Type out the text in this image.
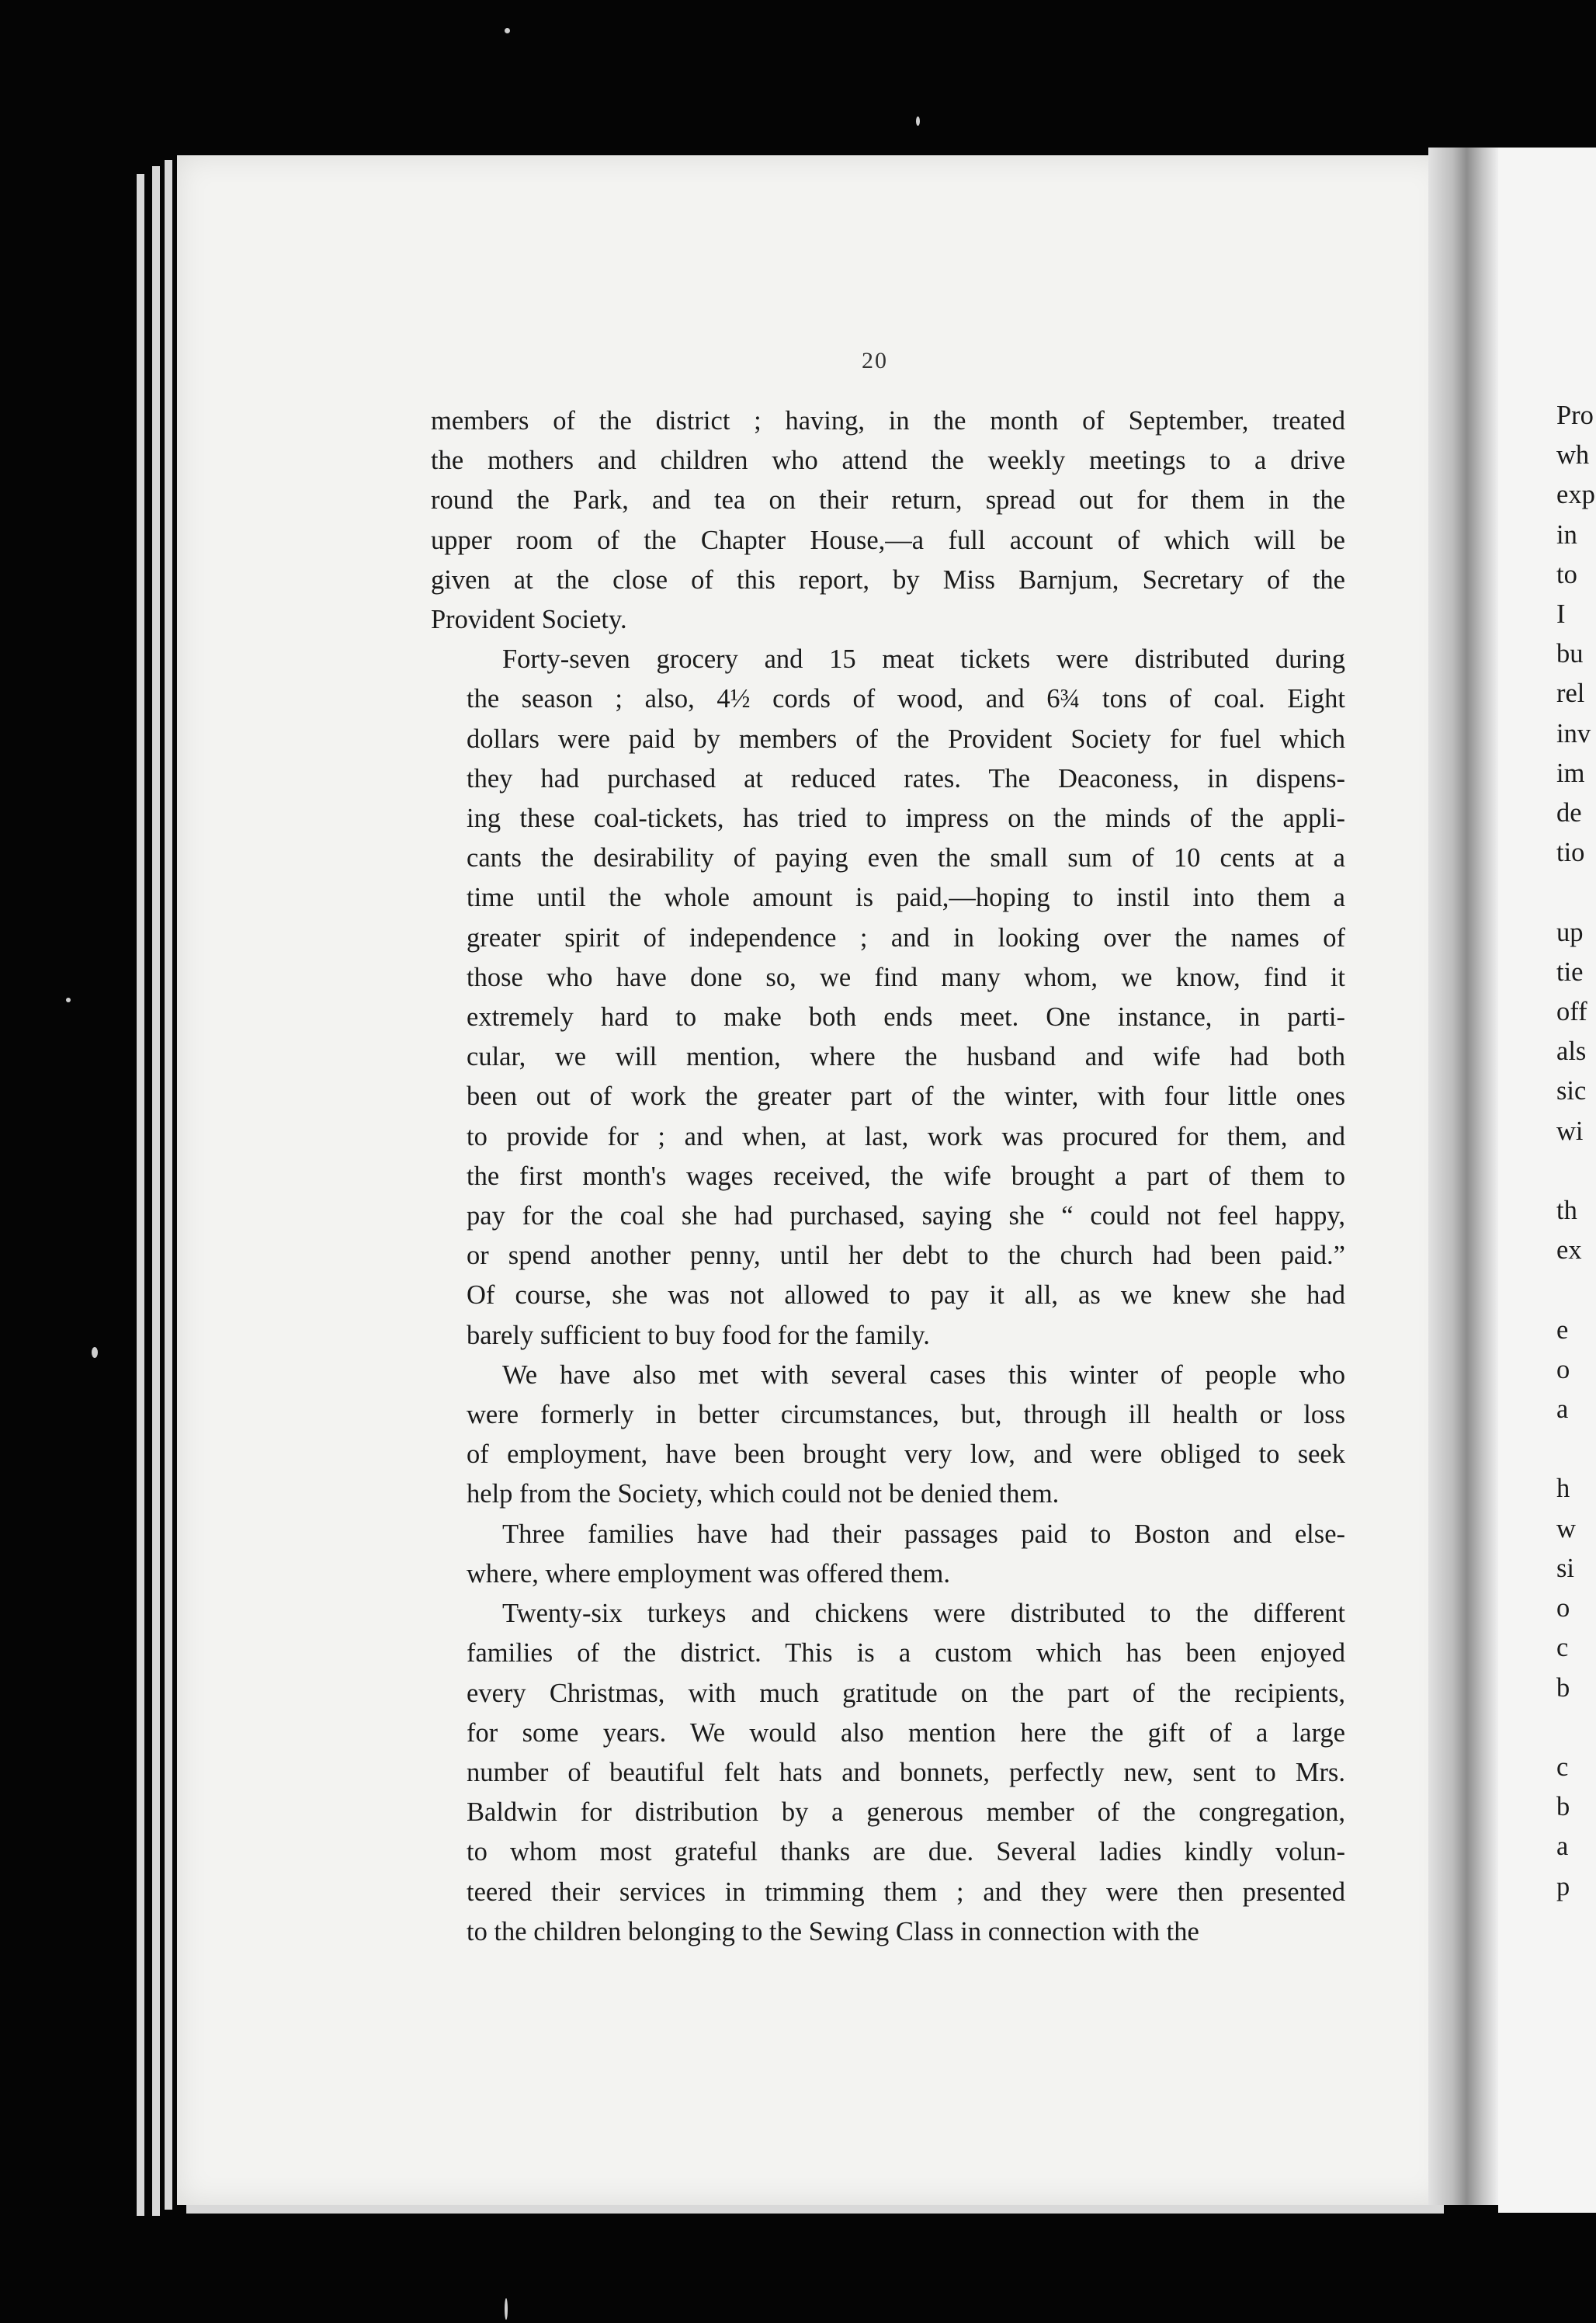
20

members of the district ; having, in the month of September, treated
the mothers and children who attend the weekly meetings to a drive
round the Park, and tea on their return, spread out for them in the
upper room of the Chapter House,—a full account of which will be
given at the close of this report, by Miss Barnjum, Secretary of the
Provident Society.

Forty-seven grocery and 15 meat tickets were distributed during
the season ; also, 4½ cords of wood, and 6¾ tons of coal. Eight
dollars were paid by members of the Provident Society for fuel which
they had purchased at reduced rates. The Deaconess, in dispens-
ing these coal-tickets, has tried to impress on the minds of the appli-
cants the desirability of paying even the small sum of 10 cents at a
time until the whole amount is paid,—hoping to instil into them a
greater spirit of independence ; and in looking over the names of
those who have done so, we find many whom, we know, find it
extremely hard to make both ends meet. One instance, in parti-
cular, we will mention, where the husband and wife had both
been out of work the greater part of the winter, with four little ones
to provide for ; and when, at last, work was procured for them, and
the first month's wages received, the wife brought a part of them to
pay for the coal she had purchased, saying she “ could not feel happy,
or spend another penny, until her debt to the church had been paid.”
Of course, she was not allowed to pay it all, as we knew she had
barely sufficient to buy food for the family.

We have also met with several cases this winter of people who
were formerly in better circumstances, but, through ill health or loss
of employment, have been brought very low, and were obliged to seek
help from the Society, which could not be denied them.

Three families have had their passages paid to Boston and else-
where, where employment was offered them.

Twenty-six turkeys and chickens were distributed to the different
families of the district. This is a custom which has been enjoyed
every Christmas, with much gratitude on the part of the recipients,
for some years. We would also mention here the gift of a large
number of beautiful felt hats and bonnets, perfectly new, sent to Mrs.
Baldwin for distribution by a generous member of the congregation,
to whom most grateful thanks are due. Several ladies kindly volun-
teered their services in trimming them ; and they were then presented
to the children belonging to the Sewing Class in connection with the

Pro
wh
exp
in
to
I
bu
rel
inv
im
de
tio

up
tie
off
als
sic
wi

th
ex

e
o
a

h
w
si
o
c
b

c
b
a
p
